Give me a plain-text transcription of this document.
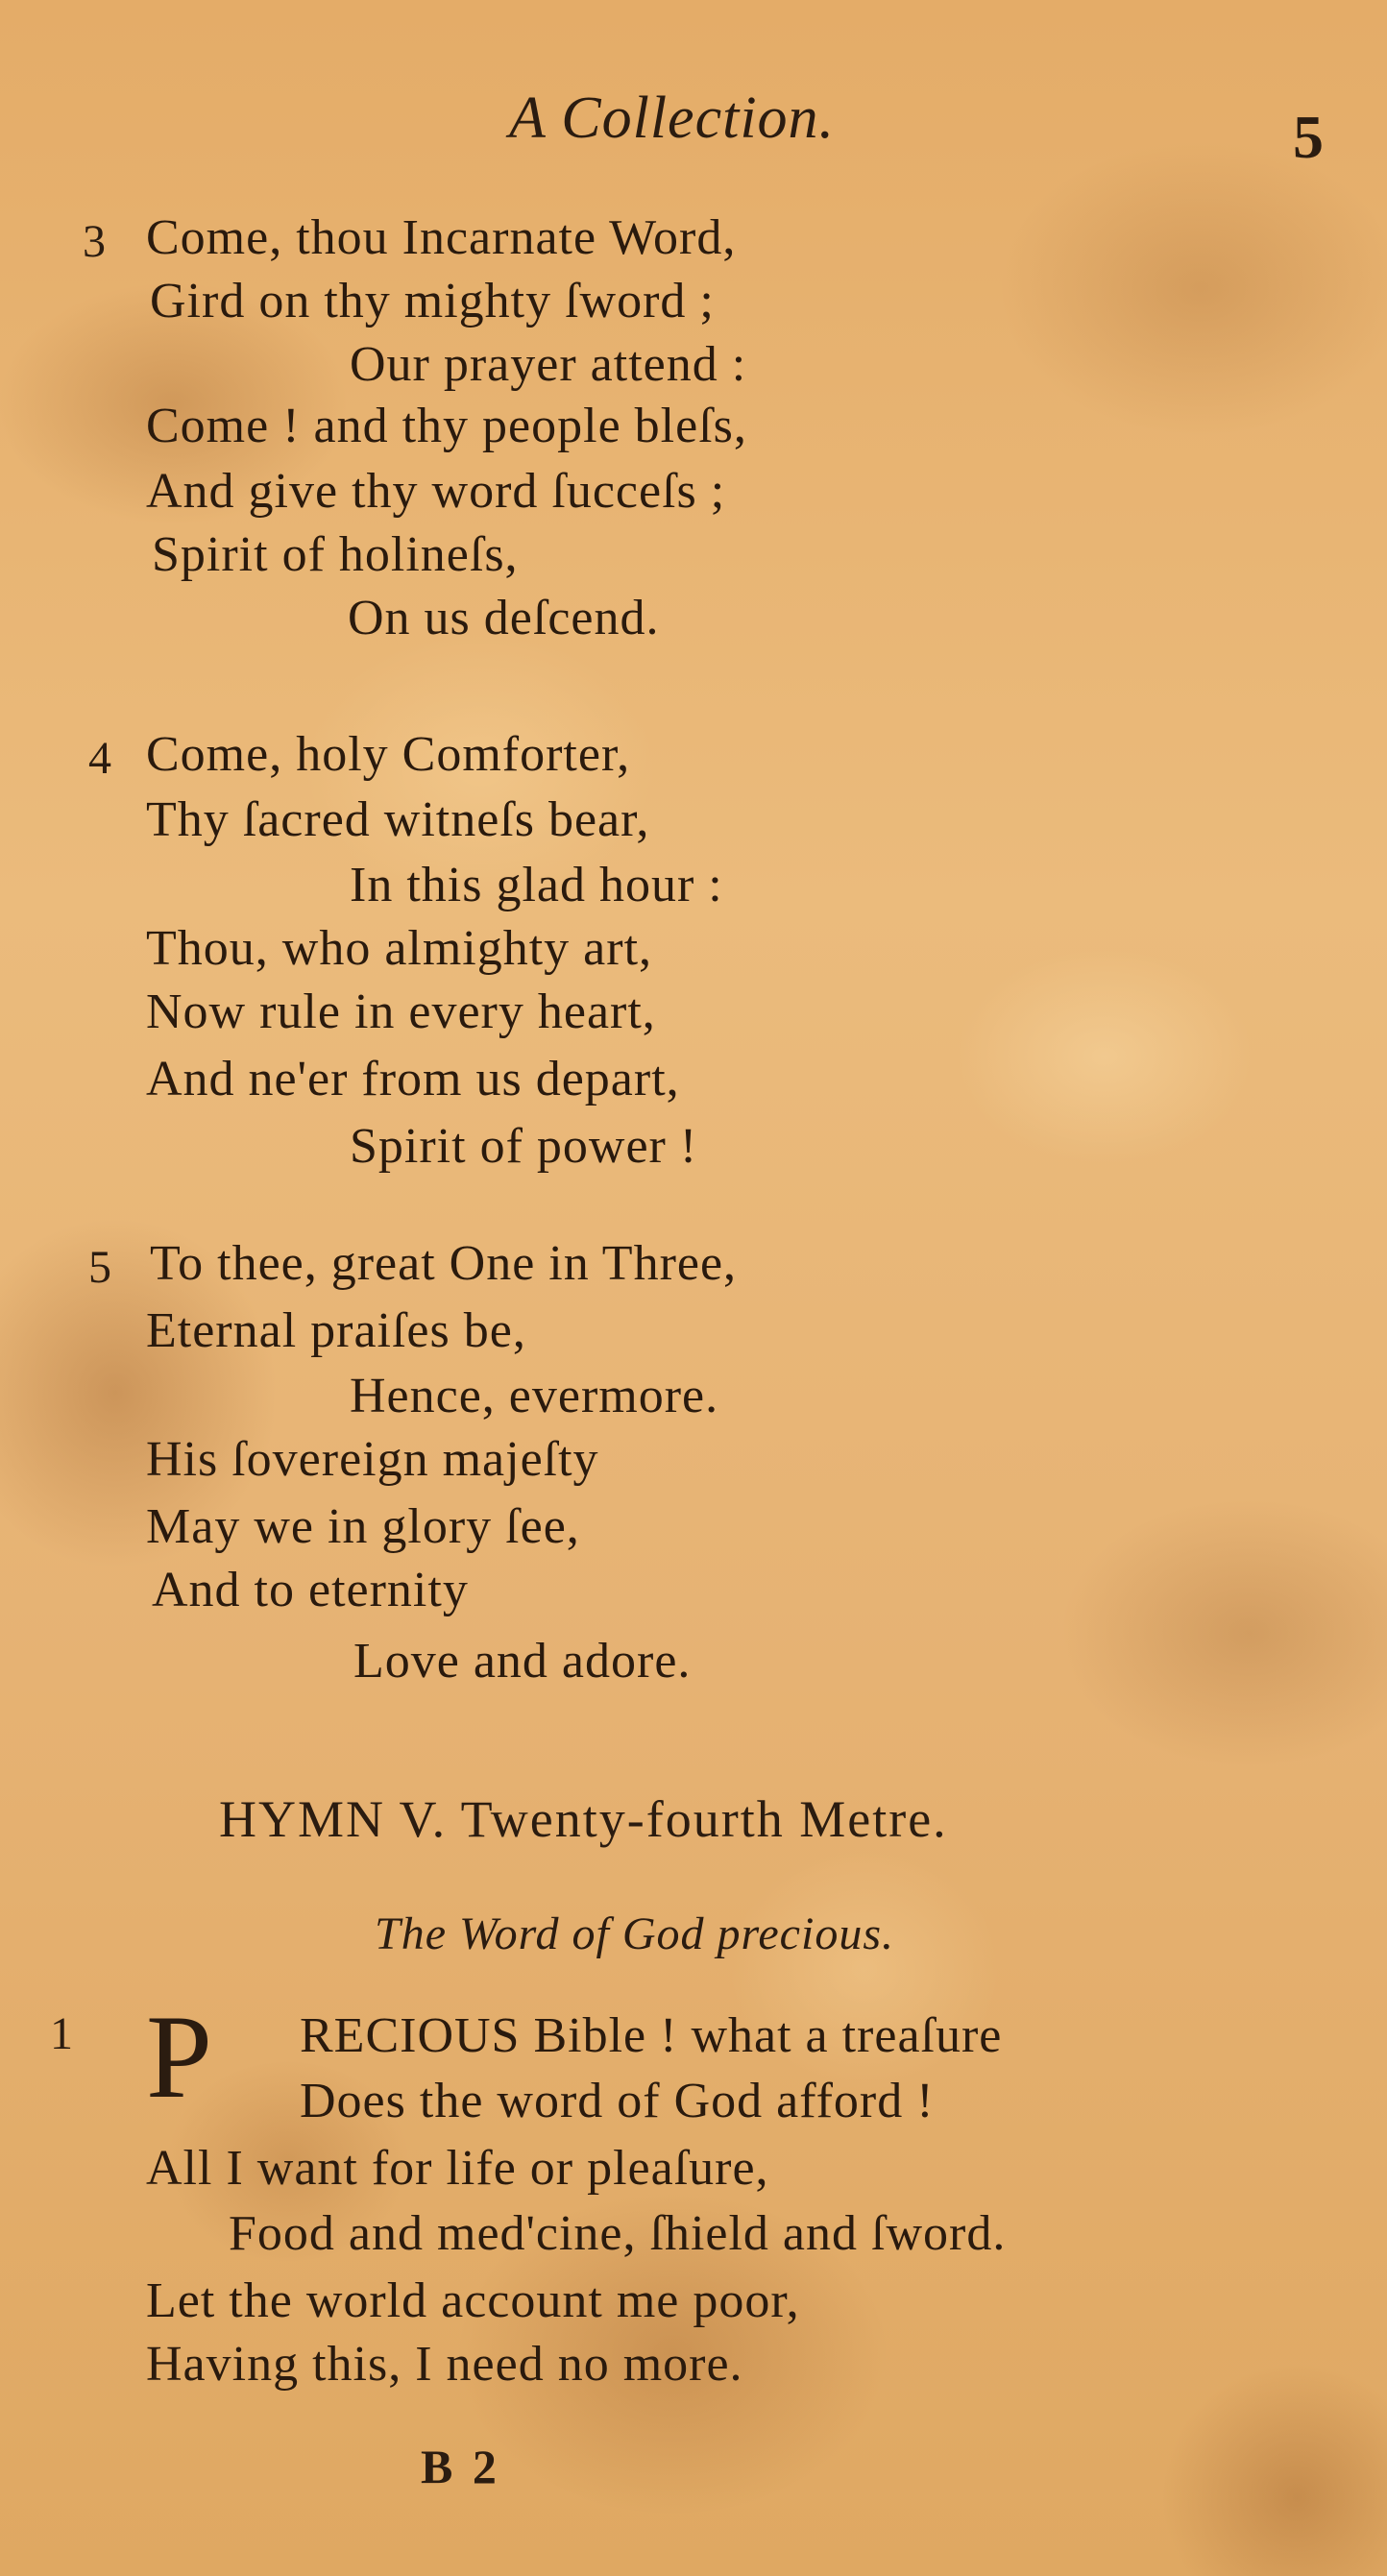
A Collection.	5
3 Come, thou Incarnate Word,
Gird on thy mighty ſword ;
Our prayer attend :
Come ! and thy people bleſs,
And give thy word ſucceſs ;
Spirit of holineſs,
On us deſcend.
4 Come, holy Comforter,
Thy ſacred witneſs bear,
In this glad hour :
Thou, who almighty art,
Now rule in every heart,
And ne'er from us depart,
Spirit of power !
5 To thee, great One in Three,
Eternal praiſes be,
Hence, evermore.
His ſovereign majeſty
May we in glory ſee,
And to eternity
Love and adore.
HYMN V. Twenty-fourth Metre.
The Word of God precious.
1 P RECIOUS Bible ! what a treaſure
Does the word of God afford !
All I want for life or pleaſure,
Food and med'cine, ſhield and ſword.
Let the world account me poor,
Having this, I need no more.
B 2
